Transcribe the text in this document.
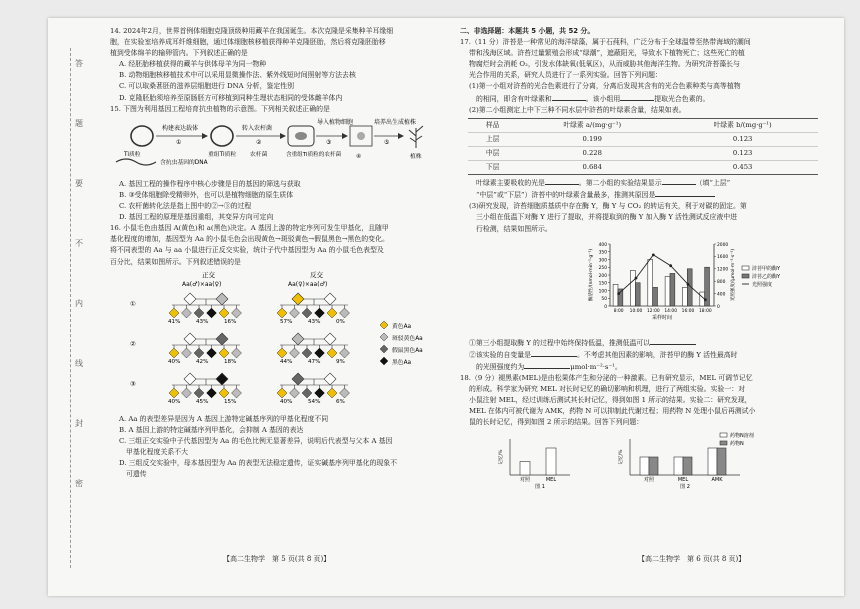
答
题
要
不
内
线
封
密

14. 2024年2月，世界首例体细胞克隆顶级种用藏羊在我国诞生。本次克隆是采集种羊耳缘细

胞，在实验室培养成耳纤维细胞，通过体细胞核移植获得种羊克隆胚胎，然后将克隆胚胎移

植到受体绵羊的输卵管内。下列叙述正确的是

A. 经胚胎移植获得的藏羊与供体母羊为同一物种

B. 动物细胞核移植技术中可以采用显微操作法、紫外线短时间照射等方法去核

C. 可以取桑葚胚的滋养层细胞进行 DNA 分析，鉴定性别

D. 克隆胚胎须培养至原肠胚方可移植到同种生理状态相同的受体雌羊体内

15. 下图为利用基因工程培育抗虫植物的示意图。下列相关叙述正确的是

构建表达载体
①
转入农杆菌
②
导入植物细胞
③
培养出生成植株
⑤
Ti质粒
含抗虫基因的DNA
重组Ti质粒 农杆菌	含重组Ti质粒的农杆菌	植株
④

A. 基因工程的操作程序中核心步骤是目的基因的筛选与获取

B. ③受体细胞除受精卵外，也可以是植物细胞的原生质体

C. 农杆菌转化法是指上图中的②→③的过程

D. 基因工程的原理是基因重组，其变异方向可定向

16. 小鼠毛色由基因 A(黄色)和 a(黑色)决定。A 基因上游的特定序列可发生甲基化，且随甲

基化程度的增加，基因型为 Aa 的小鼠毛色会出现黄色→斑驳黄色→假鼠黑色→黑色的变化。

将不同表型的 Aa 与 aa 小鼠进行正反交实验，统计子代中基因型为 Aa 的小鼠毛色表型及

百分比，结果如图所示。下列叙述错误的是

正交	反交
Aa(♂)×aa(♀)	Aa(♀)×aa(♂)
①
②
③
黄色Aa
斑驳黄色Aa
假鼠黑色Aa
黑色Aa
41%	43%	16%	57%	43%	0%
40%	42%	18%	44%	47%	9%
40%	45%	15%	40%	54%	6%

A. Aa 的表型差异是因为 A 基因上游特定碱基序列的甲基化程度不同

B. A 基因上游的特定碱基序列甲基化，会抑制 A 基因的表达

C. 三组正交实验中子代基因型为 Aa 的毛色比例无显著差异，说明后代表型与父本 A 基因

甲基化程度关系不大

D. 三组反交实验中，母本基因型为 Aa 的表型无法稳定遗传，证实碱基序列甲基化的现象不

可遗传

【高二生物学　第 5 页(共 8 页)】

二、非选择题：本题共 5 小题，共 52 分。

17.（11 分）浒苔是一种常见的海洋绿藻，属于石莼科，广泛分布于全球温带至热带海域的潮间

带和浅海区域。浒苔过量繁殖会形成“绿潮”，遮蔽阳光，导致水下植物死亡；这些死亡的植

物腐烂时会消耗 O₂，引发水体缺氧(低氧区)，从而威胁其他海洋生物。为研究浒苔藻长与

光合作用的关系，研究人员进行了一系列实验。回答下列问题：

(1)第一小组对浒苔的光合色素进行了分离，分离后发现其含有的光合色素种类与高等植物

的相同，即含有叶绿素和	。该小组用	提取光合色素的。

(2)第二小组测定上中下三种不同水层中浒苔的叶绿素含量，结果如表。

样品	叶绿素 a/(mg·g⁻¹)	叶绿素 b/(mg·g⁻¹)
上层	0.199	0.123
中层	0.228	0.123
下层	0.684	0.453

叶绿素主要吸收的光是	。第二小组的实验结果显示	（填“上层”

“中层”或“下层”）浒苔中的叶绿素含量最多，推测其原因是

(3)研究发现，浒苔细胞质基质中存在酶 Y，酶 Y 与 CO₂ 的转运有关，利于对碳的固定。第

三小组在低温下对酶 Y 进行了提取，并将提取到的酶 Y 加入酶 Y 活性测试反应液中进

行检测，结果如图所示。

0
50
100
150
200
250
300
350
400
0
400
800
1200
1600
2000
8:00 10:00 12:00 14:00 16:00 18:00
采样时间
酶活性/(nmol·min⁻¹·g⁻¹)	光照强度/(μmol·m⁻²·s⁻¹)	浒苔甲的酶Y
浒苔乙的酶Y
光照强度

①第三小组提取酶 Y 的过程中始终保持低温，推测低温可以

②该实验的自变量是	。不考虑其他因素的影响，浒苔甲的酶 Y 活性最高时

的光照强度约为	μmol·m⁻²·s⁻¹。

18.（9 分）褪黑素(MEL)是由松果体产生和分泌的一种激素。已有研究显示，MEL 可调节记忆

的形成。科学家为研究 MEL 对长时记忆的确切影响和机理，进行了两组实验。实验一：对

小鼠注射 MEL，经过训练后测试其长时记忆，得到如图 1 所示的结果。实验二：研究发现，

MEL 在体内可被代谢为 AMK，药物 N 可以抑制此代谢过程；用药物 N 处理小鼠后再测试小

鼠的长时记忆，得到如图 2 所示的结果。回答下列问题：

记忆/%
对照	MEL
图 1
记忆/%
对照	MEL	AMK
图 2
药物N溶剂
药物N
【高二生物学　第 6 页(共 8 页)】
